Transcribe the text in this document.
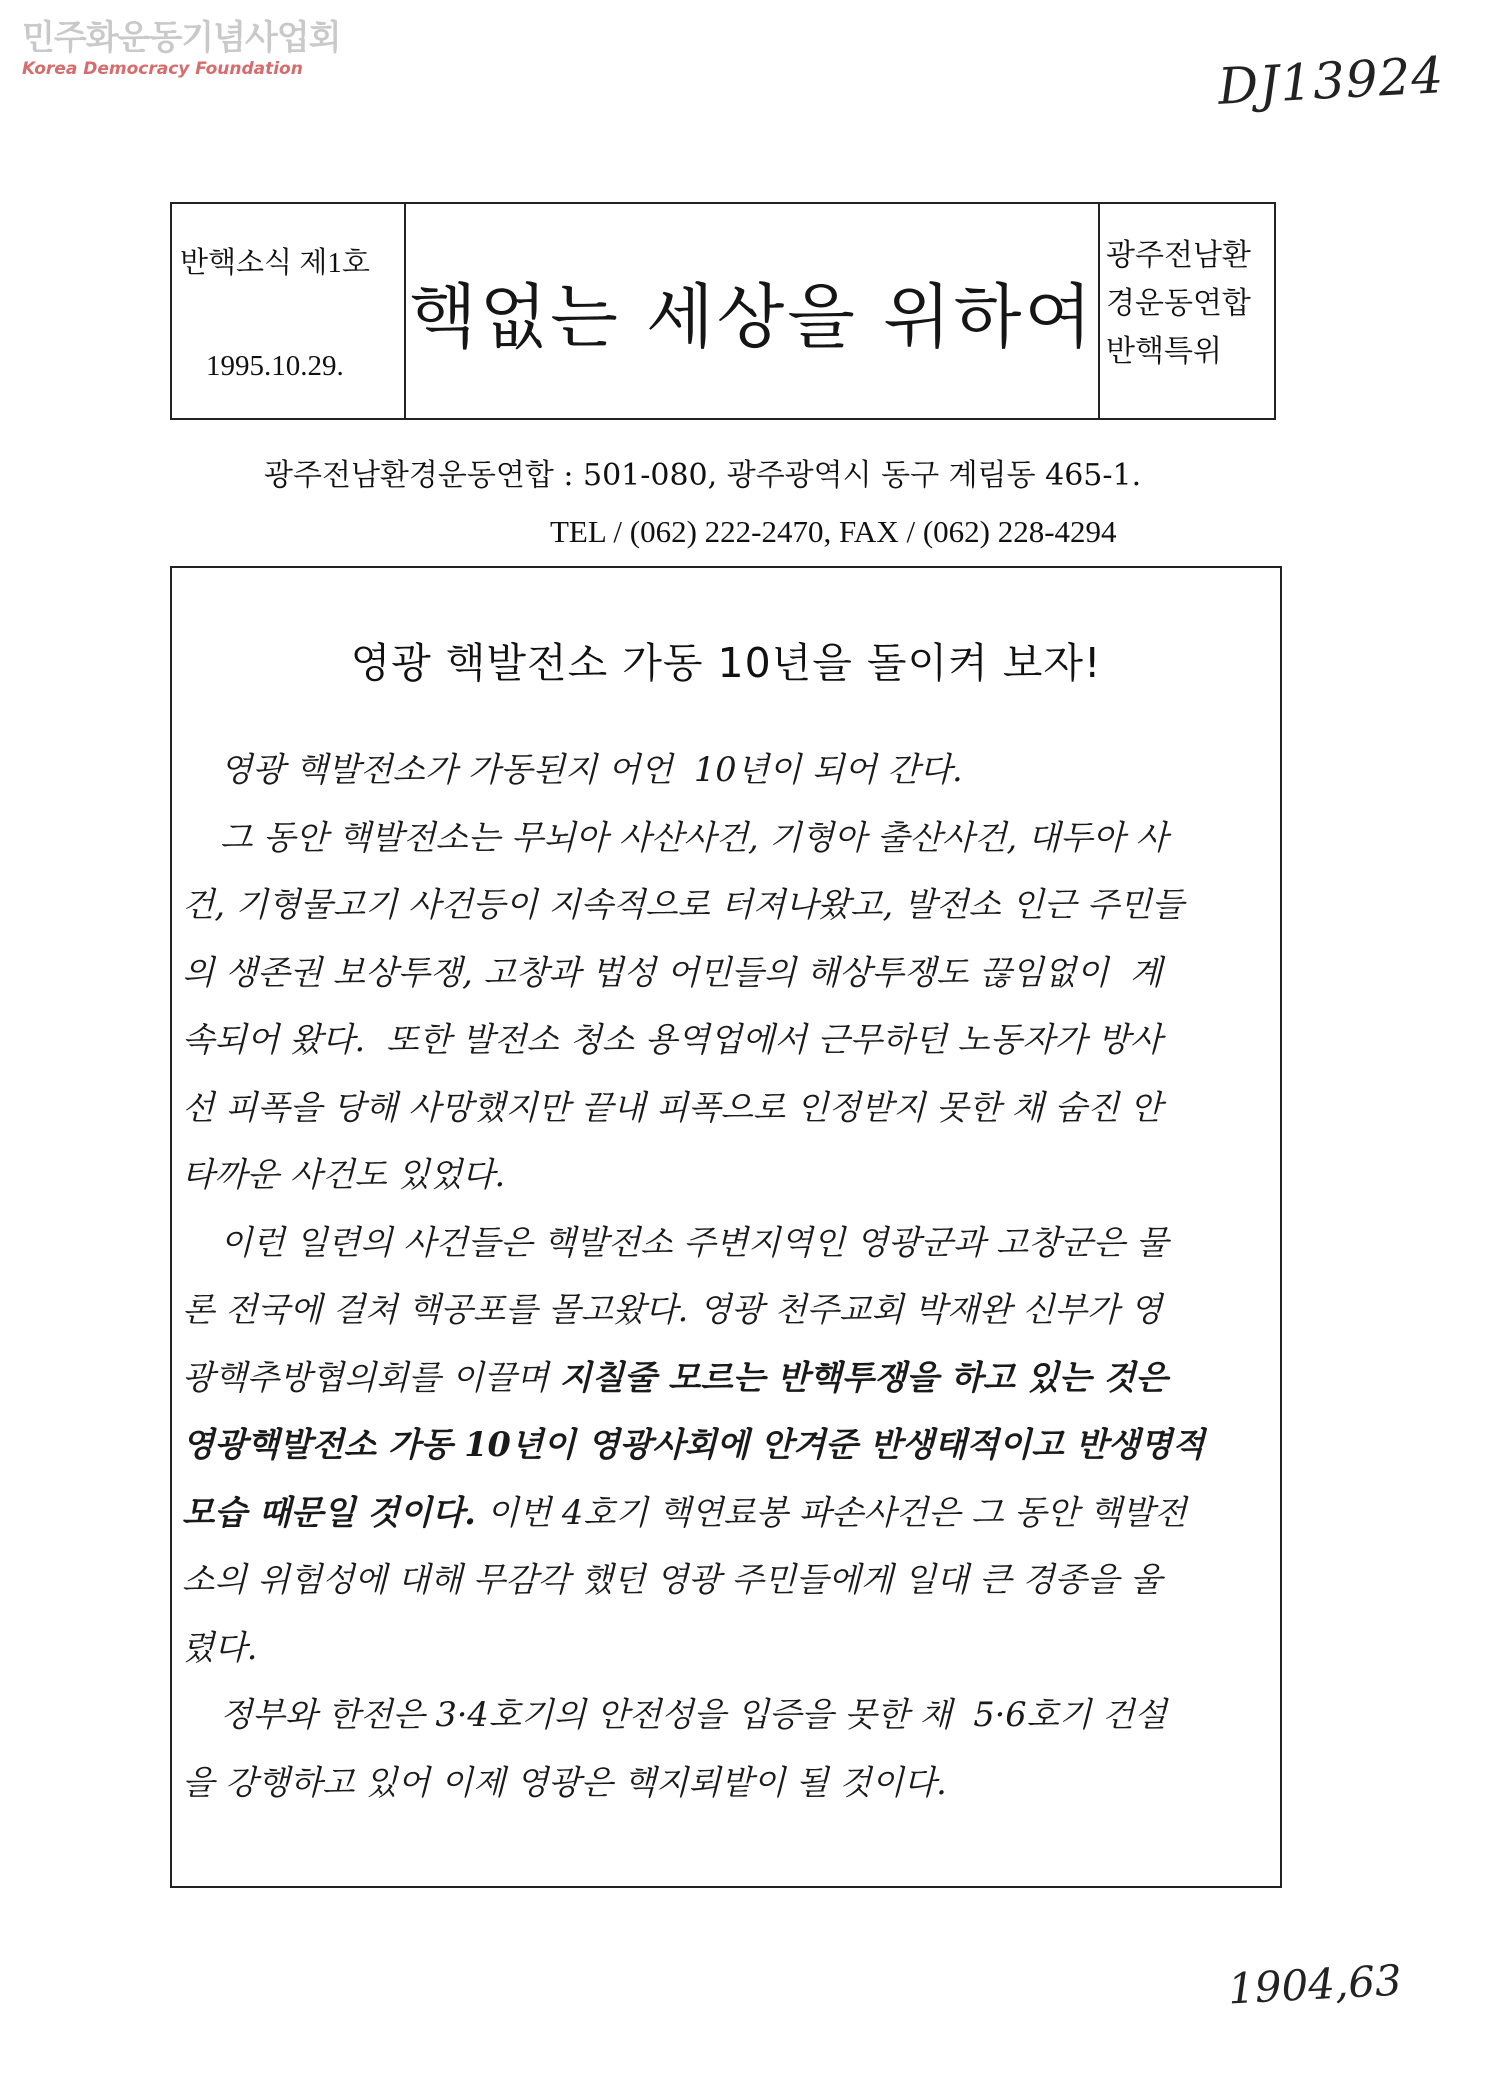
민주화운동기념사업회
Korea Democracy Foundation	DJ13924
반핵소식 제1호
1995.10.29.
핵없는 세상을 위하여
광주전남환
경운동연합
반핵특위
광주전남환경운동연합 : 501-080, 광주광역시 동구 계림동 465-1.
TEL / (062) 222-2470, FAX / (062) 228-4294
영광 핵발전소 가동 10년을 돌이켜 보자!
영광 핵발전소가 가동된지 어언  10년이 되어 간다.
그 동안 핵발전소는 무뇌아 사산사건, 기형아 출산사건, 대두아 사
건, 기형물고기 사건등이 지속적으로 터져나왔고, 발전소 인근 주민들
의 생존권 보상투쟁, 고창과 법성 어민들의 해상투쟁도 끊임없이  계
속되어 왔다.  또한 발전소 청소 용역업에서 근무하던 노동자가 방사
선 피폭을 당해 사망했지만 끝내 피폭으로 인정받지 못한 채 숨진 안
타까운 사건도 있었다.
이런 일련의 사건들은 핵발전소 주변지역인 영광군과 고창군은 물
론 전국에 걸쳐 핵공포를 몰고왔다. 영광 천주교회 박재완 신부가 영
광핵추방협의회를 이끌며 지칠줄 모르는 반핵투쟁을 하고 있는 것은
영광핵발전소 가동 10년이 영광사회에 안겨준 반생태적이고 반생명적
모습 때문일 것이다. 이번 4호기 핵연료봉 파손사건은 그 동안 핵발전
소의 위험성에 대해 무감각 했던 영광 주민들에게 일대 큰 경종을 울
렸다.
정부와 한전은 3·4호기의 안전성을 입증을 못한 채  5·6호기 건설
을 강행하고 있어 이제 영광은 핵지뢰밭이 될 것이다.
1904,63
